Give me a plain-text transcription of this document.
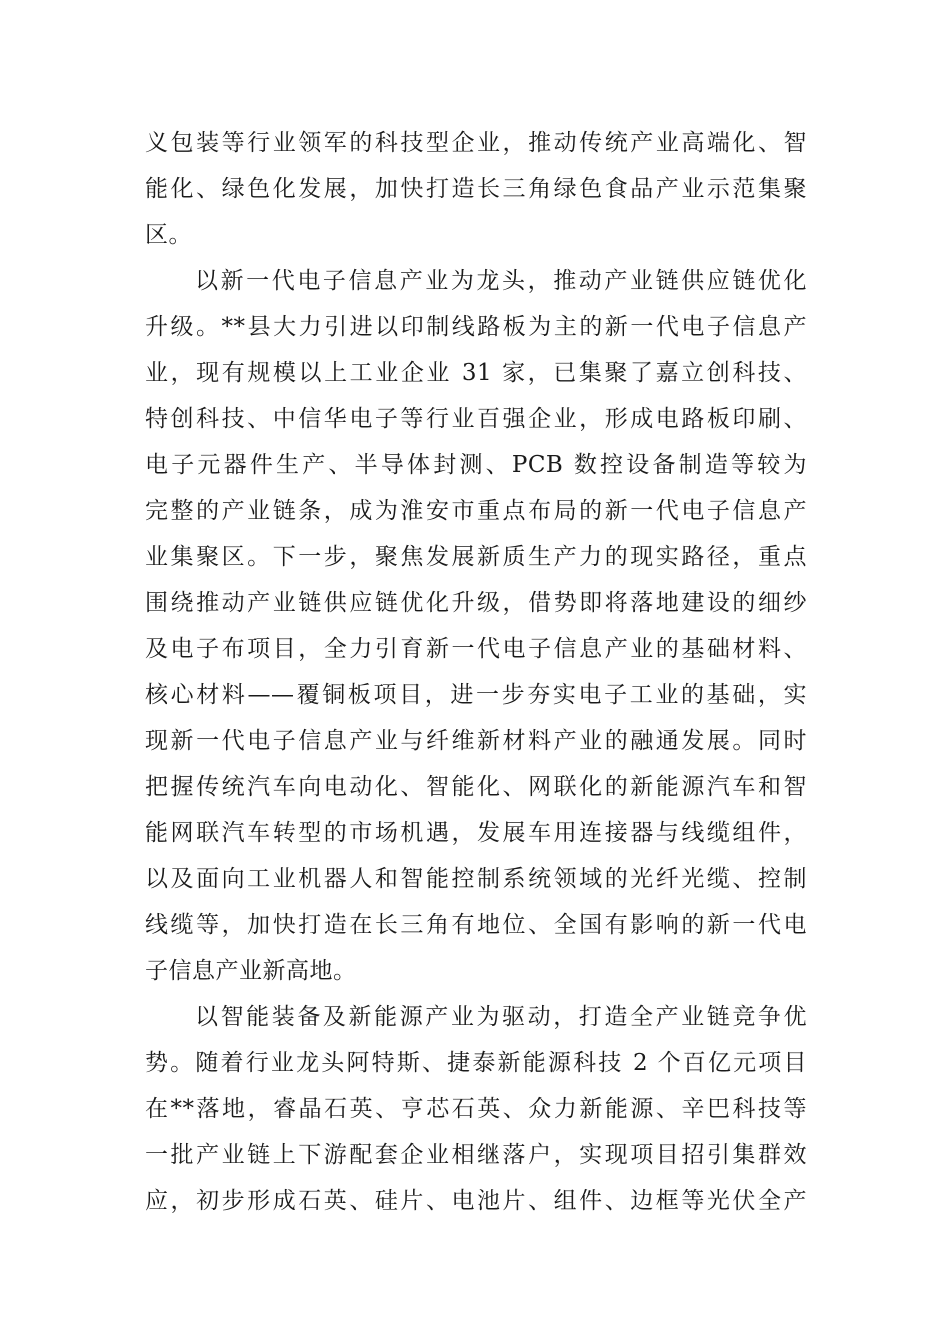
义包装等行业领军的科技型企业，推动传统产业高端化、智
能化、绿色化发展，加快打造长三角绿色食品产业示范集聚
区。
以新一代电子信息产业为龙头，推动产业链供应链优化
升级。**县大力引进以印制线路板为主的新一代电子信息产
业，现有规模以上工业企业 31 家，已集聚了嘉立创科技、
特创科技、中信华电子等行业百强企业，形成电路板印刷、
电子元器件生产、半导体封测、PCB 数控设备制造等较为
完整的产业链条，成为淮安市重点布局的新一代电子信息产
业集聚区。下一步，聚焦发展新质生产力的现实路径，重点
围绕推动产业链供应链优化升级，借势即将落地建设的细纱
及电子布项目，全力引育新一代电子信息产业的基础材料、
核心材料——覆铜板项目，进一步夯实电子工业的基础，实
现新一代电子信息产业与纤维新材料产业的融通发展。同时
把握传统汽车向电动化、智能化、网联化的新能源汽车和智
能网联汽车转型的市场机遇，发展车用连接器与线缆组件，
以及面向工业机器人和智能控制系统领域的光纤光缆、控制
线缆等，加快打造在长三角有地位、全国有影响的新一代电
子信息产业新高地。
以智能装备及新能源产业为驱动，打造全产业链竞争优
势。随着行业龙头阿特斯、捷泰新能源科技 2 个百亿元项目
在**落地，睿晶石英、亨芯石英、众力新能源、辛巴科技等
一批产业链上下游配套企业相继落户，实现项目招引集群效
应，初步形成石英、硅片、电池片、组件、边框等光伏全产
